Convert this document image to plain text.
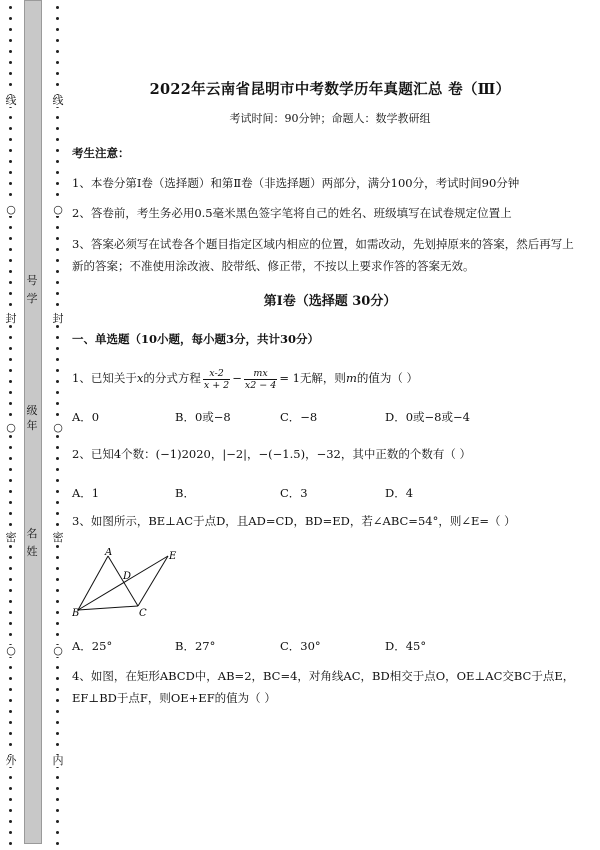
线
○
封
○
密
○
外
线
○
封
○
密
○
内
号
学
级
年
名
姓
2022年云南省昆明市中考数学历年真题汇总 卷（Ⅲ）
考试时间：90分钟；命题人：数学教研组
考生注意：
1、本卷分第Ⅰ卷（选择题）和第Ⅱ卷（非选择题）两部分，满分100分，考试时间90分钟
2、答卷前，考生务必用0.5毫米黑色签字笔将自己的姓名、班级填写在试卷规定位置上
3、答案必须写在试卷各个题目指定区域内相应的位置，如需改动，先划掉原来的答案，然后再写上新的答案；不准使用涂改液、胶带纸、修正带，不按以上要求作答的答案无效。
第Ⅰ卷（选择题 30分）
一、单选题（10小题，每小题3分，共计30分）
1、已知关于x的分式方程 $\frac{x-2}{x + 2} - \frac{mx}{x2 - 4} = 1$无解，则m的值为（ ）
A．0	B．0或−8	C．−8	D．0或−8或−4
2、已知4个数：(−1)2020，|−2|，−(−1.5)，−32，其中正数的个数有（ ）
A．1	B．	C．3	D．4
3、如图所示，BE⊥AC于点D，且AD=CD，BD=ED，若∠ABC=54°，则∠E=（ ）
A
D
E
B	C
A．25°	B．27°	C．30°	D．45°
4、如图，在矩形ABCD中，AB=2，BC=4，对角线AC，BD相交于点O，OE⊥AC交BC于点E，EF⊥BD于点F，则OE+EF的值为（ ）
